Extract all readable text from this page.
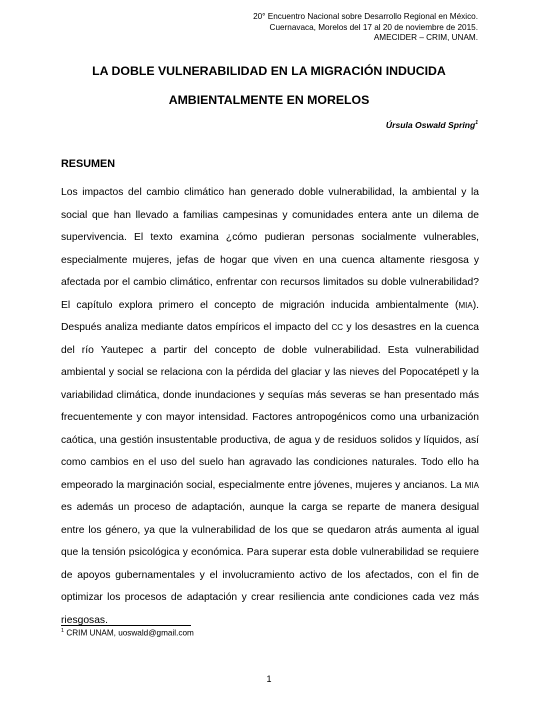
20° Encuentro Nacional sobre Desarrollo Regional en México.
Cuernavaca, Morelos del 17 al 20 de noviembre de 2015.
AMECIDER – CRIM, UNAM.
LA DOBLE VULNERABILIDAD EN LA MIGRACIÓN INDUCIDA
AMBIENTALMENTE EN MORELOS
Úrsula Oswald Spring$^1$
RESUMEN

Los impactos del cambio climático han generado doble vulnerabilidad, la ambiental y la social que han llevado a familias campesinas y comunidades entera ante un dilema de supervivencia. El texto examina ¿cómo pudieran personas socialmente vulnerables, especialmente mujeres, jefas de hogar que viven en una cuenca altamente riesgosa y afectada por el cambio climático, enfrentar con recursos limitados su doble vulnerabilidad? El capítulo explora primero el concepto de migración inducida ambientalmente (MIA). Después analiza mediante datos empíricos el impacto del CC y los desastres en la cuenca del río Yautepec a partir del concepto de doble vulnerabilidad. Esta vulnerabilidad ambiental y social se relaciona con la pérdida del glaciar y las nieves del Popocatépetl y la variabilidad climática, donde inundaciones y sequías más severas se han presentado más frecuentemente y con mayor intensidad. Factores antropogénicos como una urbanización caótica, una gestión insustentable productiva, de agua y de residuos solidos y líquidos, así como cambios en el uso del suelo han agravado las condiciones naturales. Todo ello ha empeorado la marginación social, especialmente entre jóvenes, mujeres y ancianos. La MIA es además un proceso de adaptación, aunque la carga se reparte de manera desigual entre los género, ya que la vulnerabilidad de los que se quedaron atrás aumenta al igual que la tensión psicológica y económica. Para superar esta doble vulnerabilidad se requiere de apoyos gubernamentales y el involucramiento activo de los afectados, con el fin de optimizar los procesos de adaptación y crear resiliencia ante condiciones cada vez más riesgosas.

$^1$ CRIM UNAM, uoswald@gmail.com
1
